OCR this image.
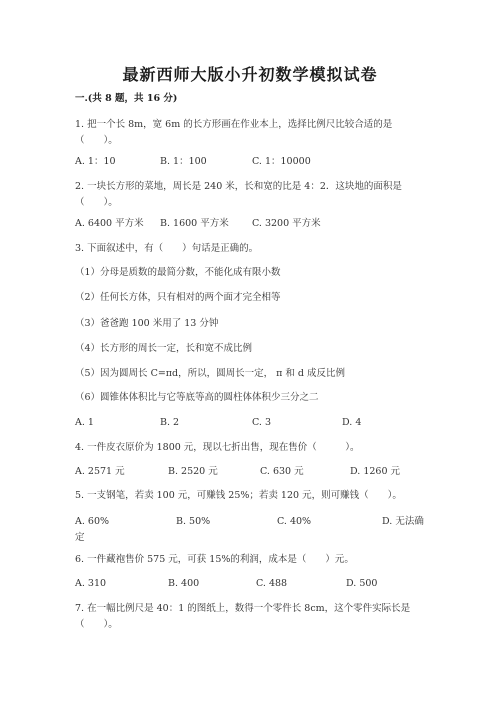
最新西师大版小升初数学模拟试卷
一.(共 8 题，共 16 分)
1. 把一个长 8m，宽 6m 的长方形画在作业本上，选择比例尺比较合适的是
（　　）。
A. 1：10	B. 1：100	C. 1：10000
2. 一块长方形的菜地，周长是 240 米，长和宽的比是 4：2．这块地的面积是
（　　）。
A. 6400 平方米 B. 1600 平方米 C. 3200 平方米
3. 下面叙述中，有（　　）句话是正确的。
（1）分母是质数的最简分数，不能化成有限小数
（2）任何长方体，只有相对的两个面才完全相等
（3）爸爸跑 100 米用了 13 分钟
（4）长方形的周长一定，长和宽不成比例
（5）因为圆周长 C=πd，所以，圆周长一定， π 和 d 成反比例
（6）圆锥体体积比与它等底等高的圆柱体体积少三分之二
A. 1	B. 2	C. 3	D. 4
4. 一件皮衣原价为 1800 元，现以七折出售，现在售价（　　　）。
A. 2571 元	B. 2520 元	C. 630 元	D. 1260 元
5. 一支钢笔，若卖 100 元，可赚钱 25%；若卖 120 元，则可赚钱（　　）。
A. 60%	B. 50%	C. 40%	D. 无法确
定
6. 一件藏袍售价 575 元，可获 15%的利润，成本是（　　）元。
A. 310	B. 400	C. 488	D. 500
7. 在一幅比例尺是 40：1 的图纸上，数得一个零件长 8cm，这个零件实际长是
（　　）。
